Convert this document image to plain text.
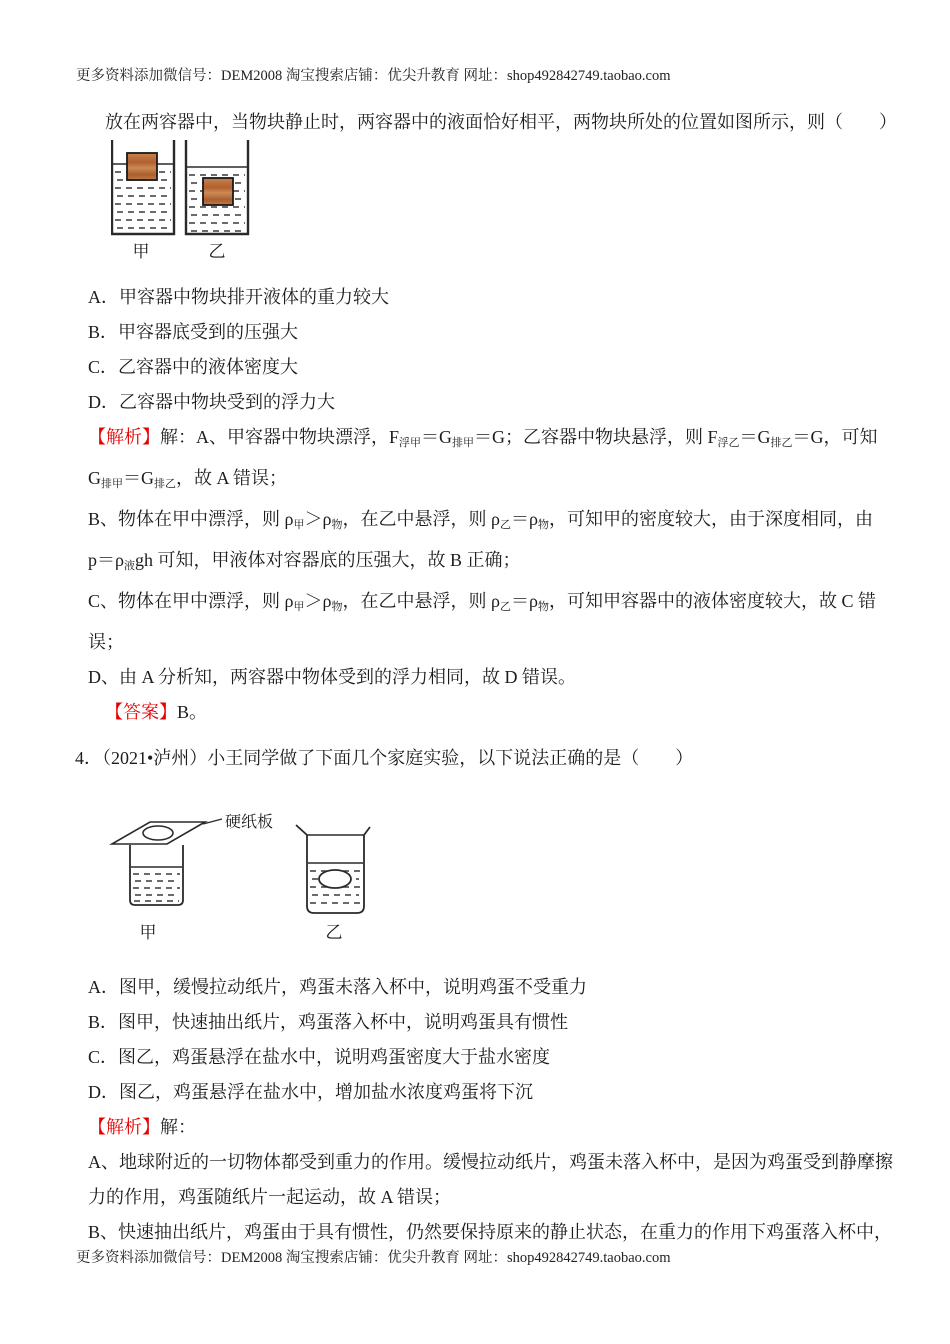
更多资料添加微信号：DEM2008 淘宝搜索店铺：优尖升教育 网址：shop492842749.taobao.com

放在两容器中，当物块静止时，两容器中的液面恰好相平，两物块所处的位置如图所示，则（　　）

甲	乙

A．甲容器中物块排开液体的重力较大

B．甲容器底受到的压强大

C．乙容器中的液体密度大

D．乙容器中物块受到的浮力大

【解析】解：A、甲容器中物块漂浮，$F_{浮甲}=G_{排甲}=G$；乙容器中物块悬浮，则 $F_{浮乙}=G_{排乙}=G$，可知

$G_{排甲}=G_{排乙}$，故 A 错误；

B、物体在甲中漂浮，则 $\rho_甲>\rho_物$，在乙中悬浮，则 $\rho_乙=\rho_物$，可知甲的密度较大，由于深度相同，由

$p=\rho_液gh$ 可知，甲液体对容器底的压强大，故 B 正确；

C、物体在甲中漂浮，则 $\rho_甲>\rho_物$，在乙中悬浮，则 $\rho_乙=\rho_物$，可知甲容器中的液体密度较大，故 C 错

误；

D、由 A 分析知，两容器中物体受到的浮力相同，故 D 错误。

【答案】B。

4．（2021•泸州）小王同学做了下面几个家庭实验，以下说法正确的是（　　）

硬纸板
甲	乙

A．图甲，缓慢拉动纸片，鸡蛋未落入杯中，说明鸡蛋不受重力

B．图甲，快速抽出纸片，鸡蛋落入杯中，说明鸡蛋具有惯性

C．图乙，鸡蛋悬浮在盐水中，说明鸡蛋密度大于盐水密度

D．图乙，鸡蛋悬浮在盐水中，增加盐水浓度鸡蛋将下沉

【解析】解：

A、地球附近的一切物体都受到重力的作用。缓慢拉动纸片，鸡蛋未落入杯中，是因为鸡蛋受到静摩擦

力的作用，鸡蛋随纸片一起运动，故 A 错误；

B、快速抽出纸片，鸡蛋由于具有惯性，仍然要保持原来的静止状态，在重力的作用下鸡蛋落入杯中，

更多资料添加微信号：DEM2008 淘宝搜索店铺：优尖升教育 网址：shop492842749.taobao.com
